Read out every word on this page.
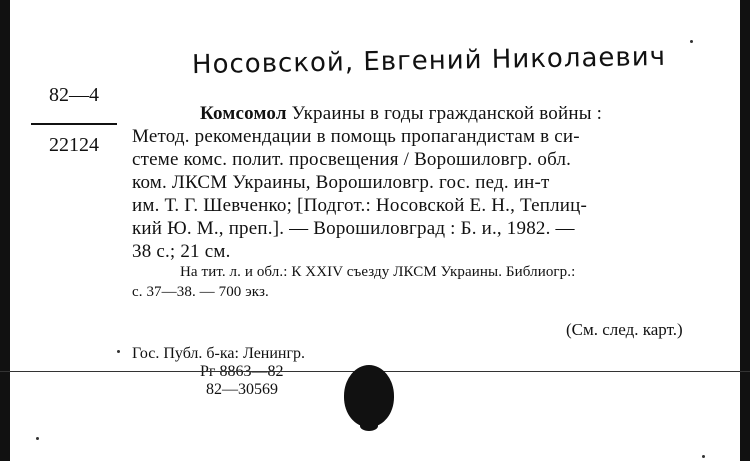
Носовской, Евгений Николаевич
82—4
22124
Комсомол Украины в годы гражданской войны :
Метод. рекомендации в помощь пропагандистам в си-
стеме комс. полит. просвещения / Ворошиловгр. обл.
ком. ЛКСМ Украины, Ворошиловгр. гос. пед. ин-т
им. Т. Г. Шевченко; [Подгот.: Носовской Е. Н., Теплиц-
кий Ю. М., преп.]. — Ворошиловград : Б. и., 1982. —
38 с.; 21 см.
На тит. л. и обл.: К XXIV съезду ЛКСМ Украины. Библиогр.:
с. 37—38. — 700 экз.
(См. след. карт.)
Гос. Публ. б-ка: Ленингр.
Рг 8863—82
82—30569
